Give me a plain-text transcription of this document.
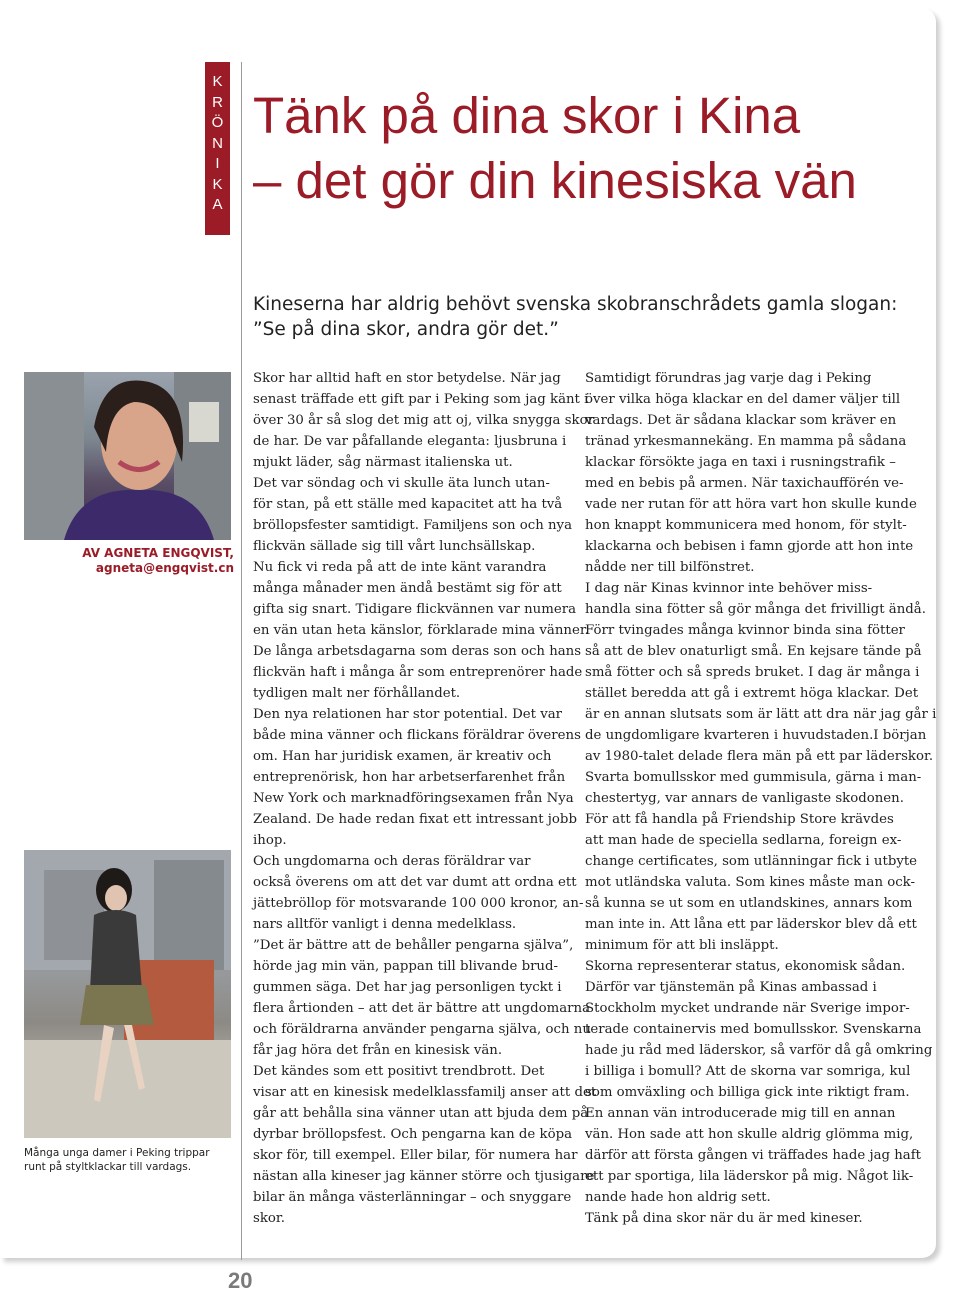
K
R
Ö
N
I
K
A
Tänk på dina skor i Kina
– det gör din kinesiska vän

Kineserna har aldrig behövt svenska skobranschrådets gamla slogan:
”Se på dina skor, andra gör det.”

AV AGNETA ENGQVIST,
agneta@engqvist.cn
Många unga damer i Peking trippar
runt på styltklackar till vardags.

Skor har alltid haft en stor betydelse. När jag

senast träffade ett gift par i Peking som jag känt i

över 30 år så slog det mig att oj, vilka snygga skor

de har. De var påfallande eleganta: ljusbruna i

mjukt läder, såg närmast italienska ut.

Det var söndag och vi skulle äta lunch utan-

för stan, på ett ställe med kapacitet att ha två

bröllopsfester samtidigt. Familjens son och nya

flickvän sällade sig till vårt lunchsällskap.

Nu fick vi reda på att de inte känt varandra

många månader men ändå bestämt sig för att

gifta sig snart. Tidigare flickvännen var numera

en vän utan heta känslor, förklarade mina vänner.

De långa arbetsdagarna som deras son och hans

flickvän haft i många år som entreprenörer hade

tydligen malt ner förhållandet.

Den nya relationen har stor potential. Det var

både mina vänner och flickans föräldrar överens

om. Han har juridisk examen, är kreativ och

entreprenörisk, hon har arbetserfarenhet från

New York och marknadföringsexamen från Nya

Zealand. De hade redan fixat ett intressant jobb

ihop.

Och ungdomarna och deras föräldrar var

också överens om att det var dumt att ordna ett

jättebröllop för motsvarande 100 000 kronor, an-

nars alltför vanligt i denna medelklass.

”Det är bättre att de behåller pengarna själva”,

hörde jag min vän, pappan till blivande brud-

gummen säga. Det har jag personligen tyckt i

flera årtionden – att det är bättre att ungdomarna

och föräldrarna använder pengarna själva, och nu

får jag höra det från en kinesisk vän.

Det kändes som ett positivt trendbrott. Det

visar att en kinesisk medelklassfamilj anser att det

går att behålla sina vänner utan att bjuda dem på

dyrbar bröllopsfest. Och pengarna kan de köpa

skor för, till exempel. Eller bilar, för numera har

nästan alla kineser jag känner större och tjusigare

bilar än många västerlänningar – och snyggare

skor.

Samtidigt förundras jag varje dag i Peking

över vilka höga klackar en del damer väljer till

vardags. Det är sådana klackar som kräver en

tränad yrkesmannekäng. En mamma på sådana

klackar försökte jaga en taxi i rusningstrafik –

med en bebis på armen. När taxichaufförén ve-

vade ner rutan för att höra vart hon skulle kunde

hon knappt kommunicera med honom, för stylt-

klackarna och bebisen i famn gjorde att hon inte

nådde ner till bilfönstret.

I dag när Kinas kvinnor inte behöver miss-

handla sina fötter så gör många det frivilligt ändå.

Förr tvingades många kvinnor binda sina fötter

så att de blev onaturligt små. En kejsare tände på

små fötter och så spreds bruket. I dag är många i

stället beredda att gå i extremt höga klackar. Det

är en annan slutsats som är lätt att dra när jag går i

de ungdomligare kvarteren i huvudstaden.I början

av 1980-talet delade flera män på ett par läderskor.

Svarta bomullsskor med gummisula, gärna i man-

chestertyg, var annars de vanligaste skodonen.

För att få handla på Friendship Store krävdes

att man hade de speciella sedlarna, foreign ex-

change certificates, som utlänningar fick i utbyte

mot utländska valuta. Som kines måste man ock-

så kunna se ut som en utlandskines, annars kom

man inte in. Att låna ett par läderskor blev då ett

minimum för att bli insläppt.

Skorna representerar status, ekonomisk sådan.

Därför var tjänstemän på Kinas ambassad i

Stockholm mycket undrande när Sverige impor-

terade containervis med bomullsskor. Svenskarna

hade ju råd med läderskor, så varför då gå omkring

i billiga i bomull? Att de skorna var somriga, kul

som omväxling och billiga gick inte riktigt fram.

En annan vän introducerade mig till en annan

vän. Hon sade att hon skulle aldrig glömma mig,

därför att första gången vi träffades hade jag haft

ett par sportiga, lila läderskor på mig. Något lik-

nande hade hon aldrig sett.

Tänk på dina skor när du är med kineser.

20
